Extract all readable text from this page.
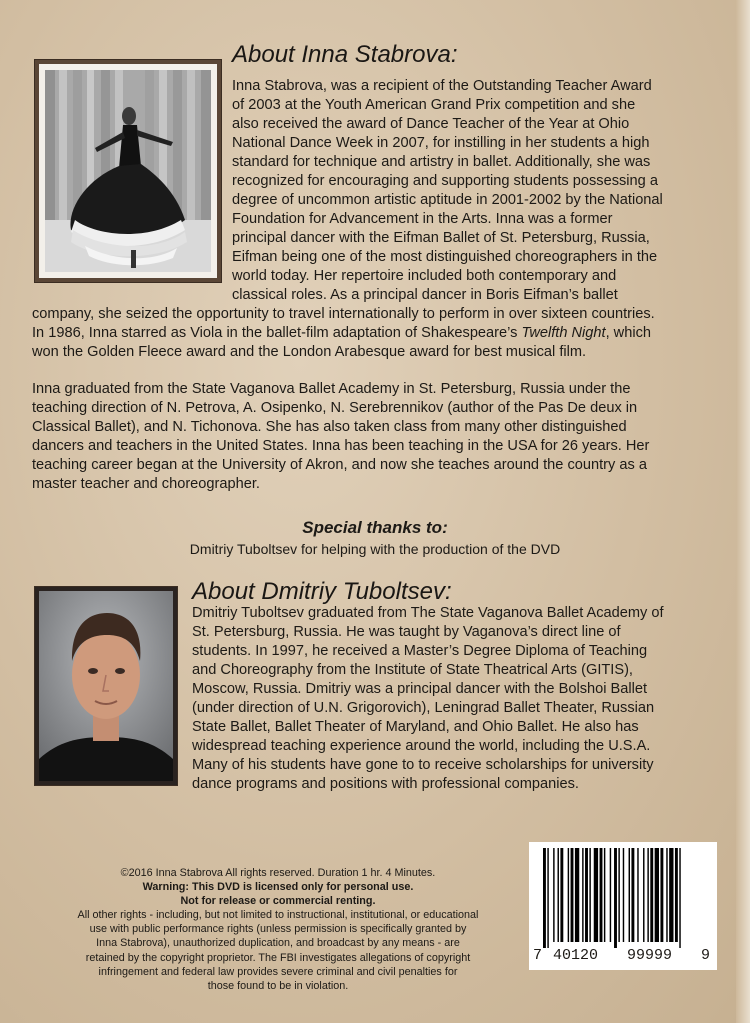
About Inna Stabrova:
Inna Stabrova, was a recipient of the Outstanding Teacher Award
of 2003 at the Youth American Grand Prix competition and she
also received the award of Dance Teacher of the Year at Ohio
National Dance Week in 2007, for instilling in her students a high
standard for technique and artistry in ballet. Additionally, she was
recognized for encouraging and supporting students possessing a
degree of uncommon artistic aptitude in 2001-2002 by the National
Foundation for Advancement in the Arts. Inna was a former
principal dancer with the Eifman Ballet of St. Petersburg, Russia,
Eifman being one of the most distinguished choreographers in the
world today. Her repertoire included both contemporary and
classical roles. As a principal dancer in Boris Eifman’s ballet
company, she seized the opportunity to travel internationally to perform in over sixteen countries.
In 1986, Inna starred as Viola in the ballet-film adaptation of Shakespeare’s Twelfth Night, which
won the Golden Fleece award and the London Arabesque award for best musical film.
Inna graduated from the State Vaganova Ballet Academy in St. Petersburg, Russia under the
teaching direction of N. Petrova, A. Osipenko, N. Serebrennikov (author of the Pas De deux in
Classical Ballet), and N. Tichonova. She has also taken class from many other distinguished
dancers and teachers in the United States. Inna has been teaching in the USA for 26 years. Her
teaching career began at the University of Akron, and now she teaches around the country as a
master teacher and choreographer.
Special thanks to:
Dmitriy Tuboltsev for helping with the production of the DVD
About Dmitriy Tuboltsev:
Dmitriy Tuboltsev graduated from The State Vaganova Ballet Academy of
St. Petersburg, Russia. He was taught by Vaganova’s direct line of
students. In 1997, he received a Master’s Degree Diploma of Teaching
and Choreography from the Institute of State Theatrical Arts (GITIS),
Moscow, Russia. Dmitriy was a principal dancer with the Bolshoi Ballet
(under direction of U.N. Grigorovich), Leningrad Ballet Theater, Russian
State Ballet, Ballet Theater of Maryland, and Ohio Ballet. He also has
widespread teaching experience around the world, including the U.S.A.
Many of his students have gone to to receive scholarships for university
dance programs and positions with professional companies.
©2016 Inna Stabrova All rights reserved. Duration 1 hr. 4 Minutes.
Warning: This DVD is licensed only for personal use.
Not for release or commercial renting.
All other rights - including, but not limited to instructional, institutional, or educational
use with public performance rights (unless permission is specifically granted by
Inna Stabrova), unauthorized duplication, and broadcast by any means - are
retained by the copyright proprietor. The FBI investigates allegations of copyright
infringement and federal law provides severe criminal and civil penalties for
those found to be in violation.
7 40120 99999 9
